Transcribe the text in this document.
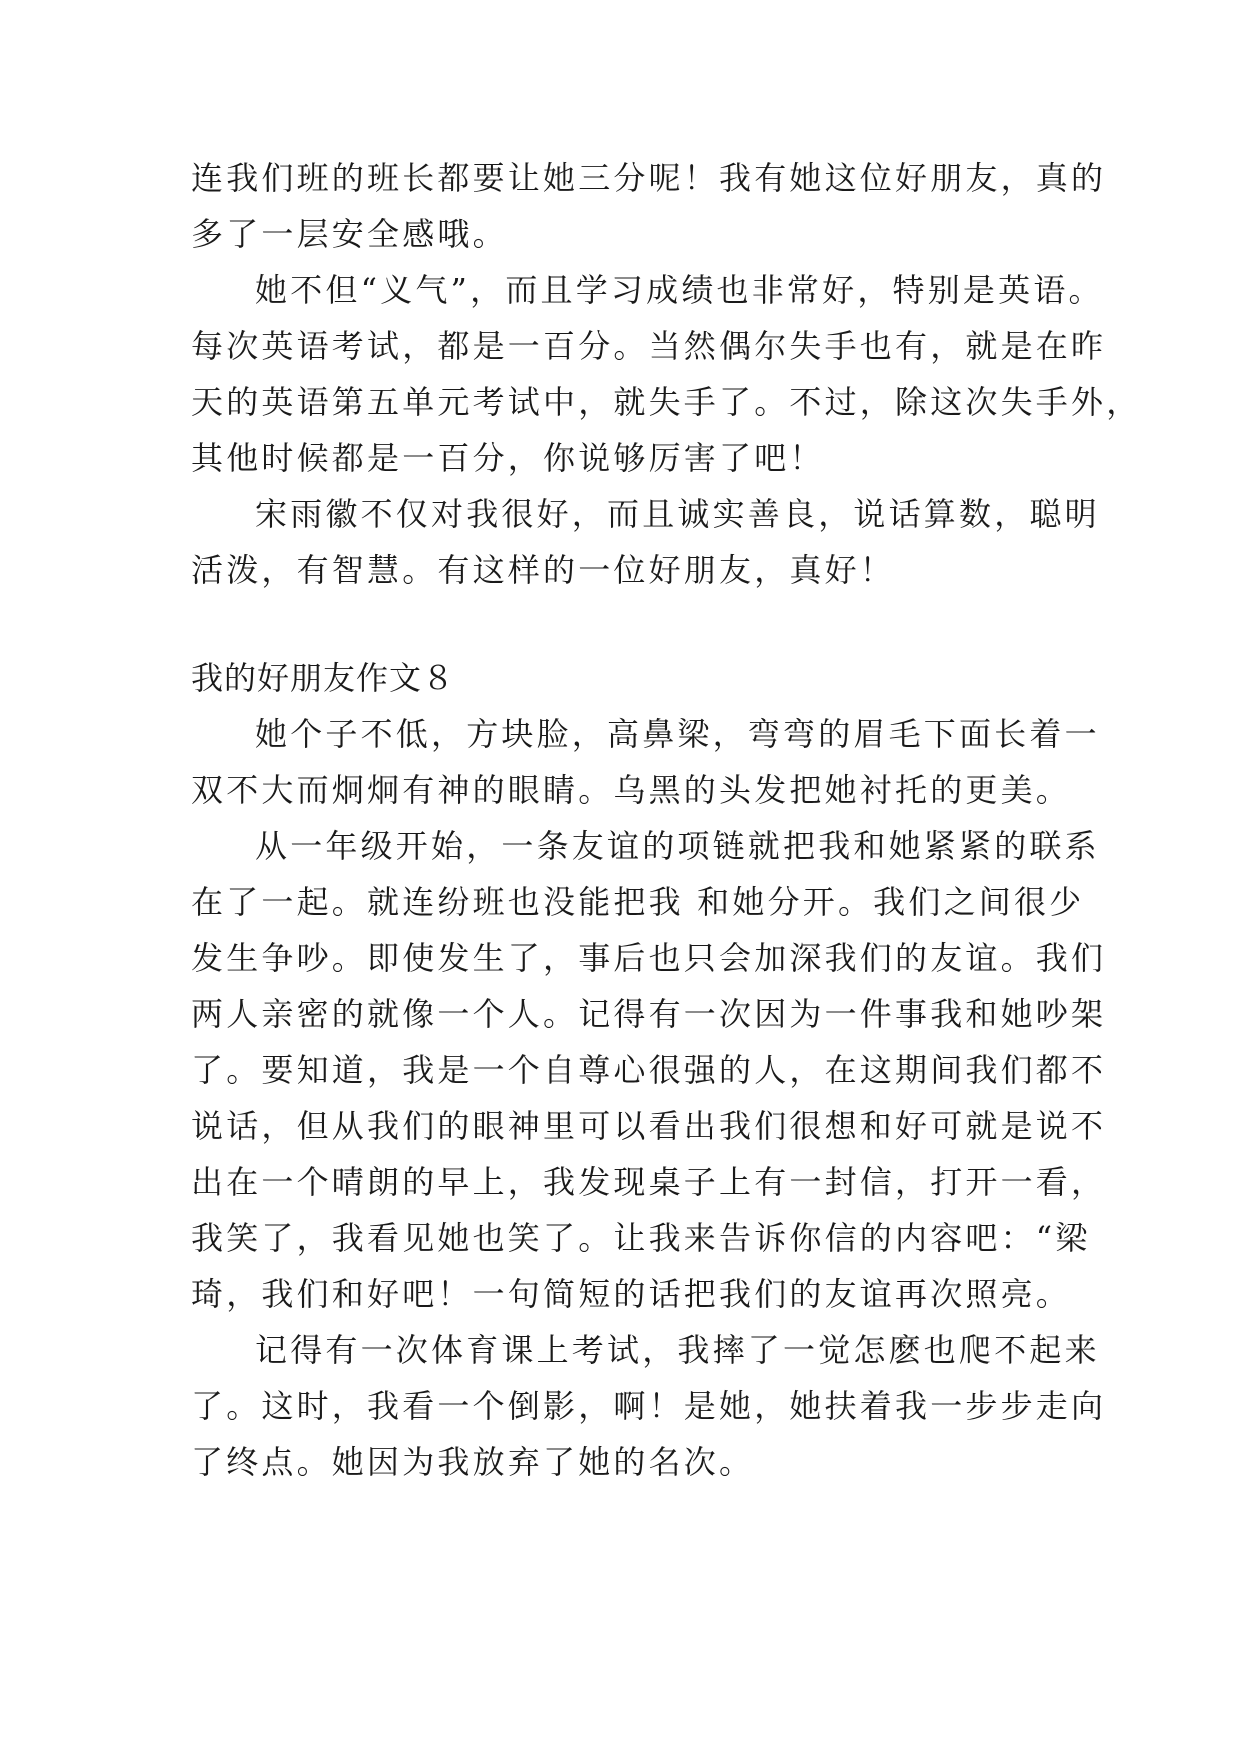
连我们班的班长都要让她三分呢！我有她这位好朋友，真的
多了一层安全感哦。
她不但“义气”，而且学习成绩也非常好，特别是英语。
每次英语考试，都是一百分。当然偶尔失手也有，就是在昨
天的英语第五单元考试中，就失手了。不过，除这次失手外，
其他时候都是一百分，你说够厉害了吧！
宋雨徽不仅对我很好，而且诚实善良，说话算数，聪明
活泼，有智慧。有这样的一位好朋友，真好！
我的好朋友作文８
她个子不低，方块脸，高鼻梁，弯弯的眉毛下面长着一
双不大而炯炯有神的眼睛。乌黑的头发把她衬托的更美。
从一年级开始，一条友谊的项链就把我和她紧紧的联系
在了一起。就连纷班也没能把我 和她分开。我们之间很少
发生争吵。即使发生了，事后也只会加深我们的友谊。我们
两人亲密的就像一个人。记得有一次因为一件事我和她吵架
了。要知道，我是一个自尊心很强的人，在这期间我们都不
说话，但从我们的眼神里可以看出我们很想和好可就是说不
出在一个晴朗的早上，我发现桌子上有一封信，打开一看，
我笑了，我看见她也笑了。让我来告诉你信的内容吧：“梁
琦，我们和好吧！一句简短的话把我们的友谊再次照亮。
记得有一次体育课上考试，我摔了一觉怎麽也爬不起来
了。这时，我看一个倒影，啊！是她，她扶着我一步步走向
了终点。她因为我放弃了她的名次。
